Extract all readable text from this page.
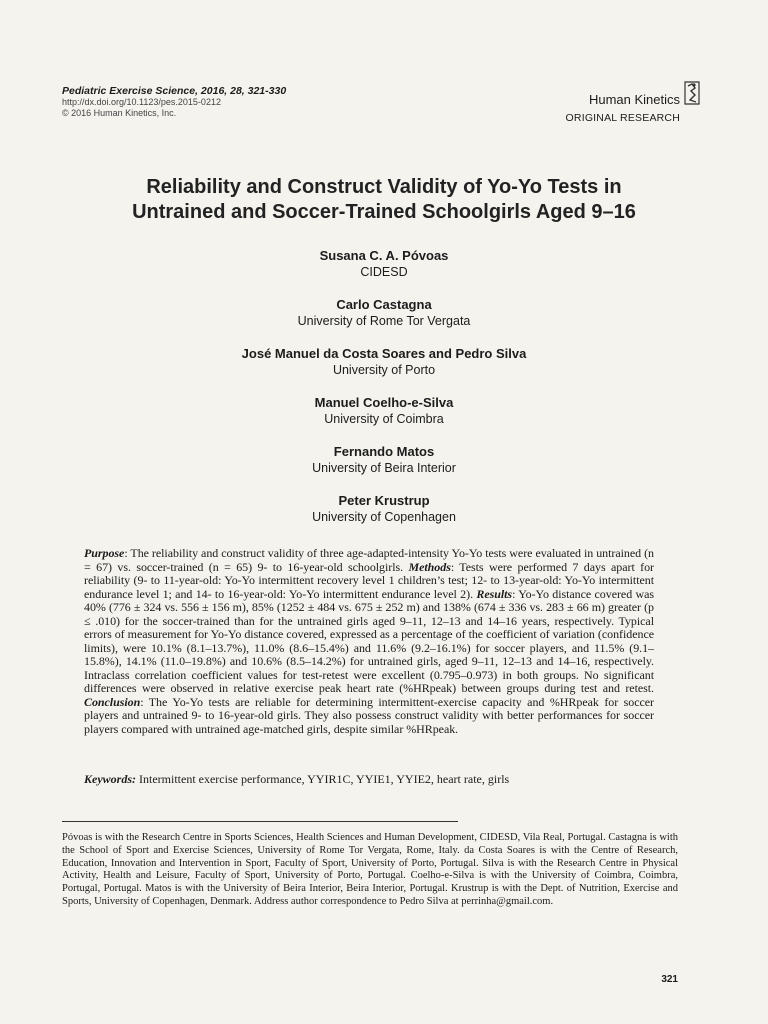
Pediatric Exercise Science, 2016, 28, 321-330
http://dx.doi.org/10.1123/pes.2015-0212
© 2016 Human Kinetics, Inc.
Human Kinetics
ORIGINAL RESEARCH
Reliability and Construct Validity of Yo-Yo Tests in
Untrained and Soccer-Trained Schoolgirls Aged 9–16
Susana C. A. Póvoas
CIDESD
Carlo Castagna
University of Rome Tor Vergata
José Manuel da Costa Soares and Pedro Silva
University of Porto
Manuel Coelho-e-Silva
University of Coimbra
Fernando Matos
University of Beira Interior
Peter Krustrup
University of Copenhagen
Purpose: The reliability and construct validity of three age-adapted-intensity Yo-Yo tests were evaluated in untrained (n = 67) vs. soccer-trained (n = 65) 9- to 16-year-old schoolgirls. Methods: Tests were performed 7 days apart for reliability (9- to 11-year-old: Yo-Yo intermittent recovery level 1 children’s test; 12- to 13-year-old: Yo-Yo intermittent endurance level 1; and 14- to 16-year-old: Yo-Yo intermittent endurance level 2). Results: Yo-Yo distance covered was 40% (776 ± 324 vs. 556 ± 156 m), 85% (1252 ± 484 vs. 675 ± 252 m) and 138% (674 ± 336 vs. 283 ± 66 m) greater (p ≤ .010) for the soccer-trained than for the untrained girls aged 9–11, 12–13 and 14–16 years, respectively. Typical errors of measurement for Yo-Yo distance covered, expressed as a percentage of the coefficient of variation (confidence limits), were 10.1% (8.1–13.7%), 11.0% (8.6–15.4%) and 11.6% (9.2–16.1%) for soccer players, and 11.5% (9.1–15.8%), 14.1% (11.0–19.8%) and 10.6% (8.5–14.2%) for untrained girls, aged 9–11, 12–13 and 14–16, respectively. Intraclass correlation coefficient values for test-retest were excellent (0.795–0.973) in both groups. No significant differences were observed in relative exercise peak heart rate (%HRpeak) between groups during test and retest. Conclusion: The Yo-Yo tests are reliable for determining intermittent-exercise capacity and %HRpeak for soccer players and untrained 9- to 16-year-old girls. They also possess construct validity with better performances for soccer players compared with untrained age-matched girls, despite similar %HRpeak.
Keywords: Intermittent exercise performance, YYIR1C, YYIE1, YYIE2, heart rate, girls
Póvoas is with the Research Centre in Sports Sciences, Health Sciences and Human Development, CIDESD, Vila Real, Portugal. Castagna is with the School of Sport and Exercise Sciences, University of Rome Tor Vergata, Rome, Italy. da Costa Soares is with the Centre of Research, Education, Innovation and Intervention in Sport, Faculty of Sport, University of Porto, Portugal. Silva is with the Research Centre in Physical Activity, Health and Leisure, Faculty of Sport, University of Porto, Portugal. Coelho-e-Silva is with the University of Coimbra, Coimbra, Portugal, Portugal. Matos is with the University of Beira Interior, Beira Interior, Portugal. Krustrup is with the Dept. of Nutrition, Exercise and Sports, University of Copenhagen, Denmark. Address author correspondence to Pedro Silva at perrinha@gmail.com.
321
